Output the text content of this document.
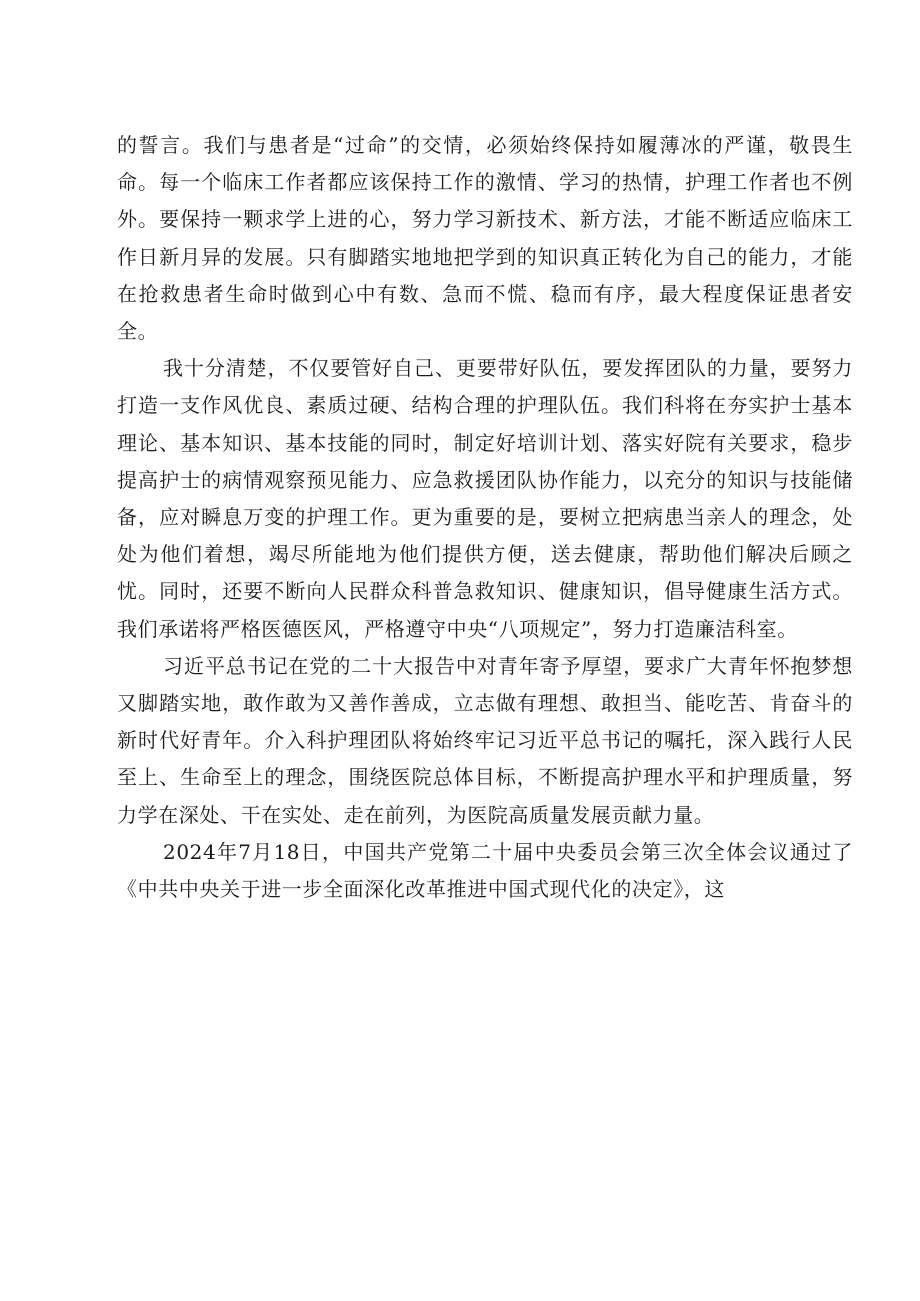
的誓言。我们与患者是“过命”的交情，必须始终保持如履薄冰的严谨，敬畏生命。每一个临床工作者都应该保持工作的激情、学习的热情，护理工作者也不例外。要保持一颗求学上进的心，努力学习新技术、新方法，才能不断适应临床工作日新月异的发展。只有脚踏实地地把学到的知识真正转化为自己的能力，才能在抢救患者生命时做到心中有数、急而不慌、稳而有序，最大程度保证患者安全。

我十分清楚，不仅要管好自己、更要带好队伍，要发挥团队的力量，要努力打造一支作风优良、素质过硬、结构合理的护理队伍。我们科将在夯实护士基本理论、基本知识、基本技能的同时，制定好培训计划、落实好院有关要求，稳步提高护士的病情观察预见能力、应急救援团队协作能力，以充分的知识与技能储备，应对瞬息万变的护理工作。更为重要的是，要树立把病患当亲人的理念，处处为他们着想，竭尽所能地为他们提供方便，送去健康，帮助他们解决后顾之忧。同时，还要不断向人民群众科普急救知识、健康知识，倡导健康生活方式。我们承诺将严格医德医风，严格遵守中央“八项规定”，努力打造廉洁科室。

习近平总书记在党的二十大报告中对青年寄予厚望，要求广大青年怀抱梦想又脚踏实地，敢作敢为又善作善成，立志做有理想、敢担当、能吃苦、肯奋斗的新时代好青年。介入科护理团队将始终牢记习近平总书记的嘱托，深入践行人民至上、生命至上的理念，围绕医院总体目标，不断提高护理水平和护理质量，努力学在深处、干在实处、走在前列，为医院高质量发展贡献力量。

2024年7月18日，中国共产党第二十届中央委员会第三次全体会议通过了《中共中央关于进一步全面深化改革推进中国式现代化的决定》，这
